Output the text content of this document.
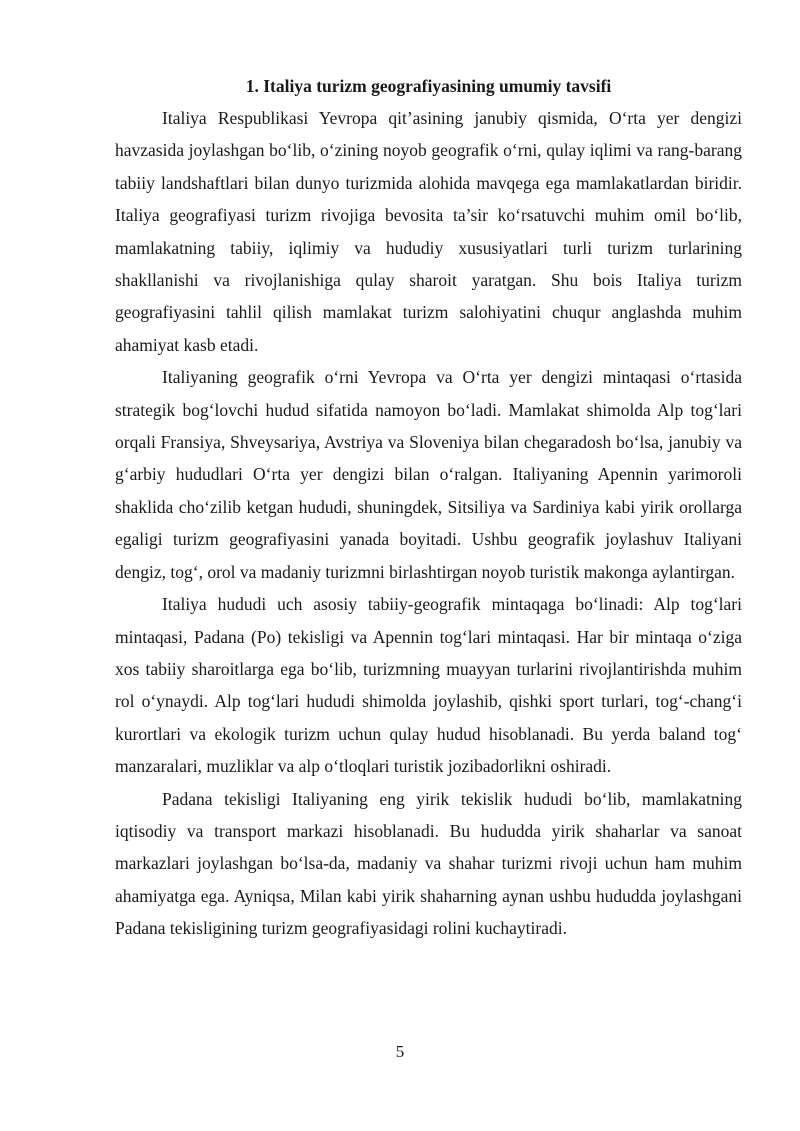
1. Italiya turizm geografiyasining umumiy tavsifi

Italiya Respublikasi Yevropa qit’asining janubiy qismida, O‘rta yer dengizi havzasida joylashgan bo‘lib, o‘zining noyob geografik o‘rni, qulay iqlimi va rang-barang tabiiy landshaftlari bilan dunyo turizmida alohida mavqega ega mamlakatlardan biridir. Italiya geografiyasi turizm rivojiga bevosita ta’sir ko‘rsatuvchi muhim omil bo‘lib, mamlakatning tabiiy, iqlimiy va hududiy xususiyatlari turli turizm turlarining shakllanishi va rivojlanishiga qulay sharoit yaratgan. Shu bois Italiya turizm geografiyasini tahlil qilish mamlakat turizm salohiyatini chuqur anglashda muhim ahamiyat kasb etadi.

Italiyaning geografik o‘rni Yevropa va O‘rta yer dengizi mintaqasi o‘rtasida strategik bog‘lovchi hudud sifatida namoyon bo‘ladi. Mamlakat shimolda Alp tog‘lari orqali Fransiya, Shveysariya, Avstriya va Sloveniya bilan chegaradosh bo‘lsa, janubiy va g‘arbiy hududlari O‘rta yer dengizi bilan o‘ralgan. Italiyaning Apennin yarimoroli shaklida cho‘zilib ketgan hududi, shuningdek, Sitsiliya va Sardiniya kabi yirik orollarga egaligi turizm geografiyasini yanada boyitadi. Ushbu geografik joylashuv Italiyani dengiz, tog‘, orol va madaniy turizmni birlashtirgan noyob turistik makonga aylantirgan.

Italiya hududi uch asosiy tabiiy-geografik mintaqaga bo‘linadi: Alp tog‘lari mintaqasi, Padana (Po) tekisligi va Apennin tog‘lari mintaqasi. Har bir mintaqa o‘ziga xos tabiiy sharoitlarga ega bo‘lib, turizmning muayyan turlarini rivojlantirishda muhim rol o‘ynaydi. Alp tog‘lari hududi shimolda joylashib, qishki sport turlari, tog‘-chang‘i kurortlari va ekologik turizm uchun qulay hudud hisoblanadi. Bu yerda baland tog‘ manzaralari, muzliklar va alp o‘tloqlari turistik jozibadorlikni oshiradi.

Padana tekisligi Italiyaning eng yirik tekislik hududi bo‘lib, mamlakatning iqtisodiy va transport markazi hisoblanadi. Bu hududda yirik shaharlar va sanoat markazlari joylashgan bo‘lsa-da, madaniy va shahar turizmi rivoji uchun ham muhim ahamiyatga ega. Ayniqsa, Milan kabi yirik shaharning aynan ushbu hududda joylashgani Padana tekisligining turizm geografiyasidagi rolini kuchaytiradi.

5
